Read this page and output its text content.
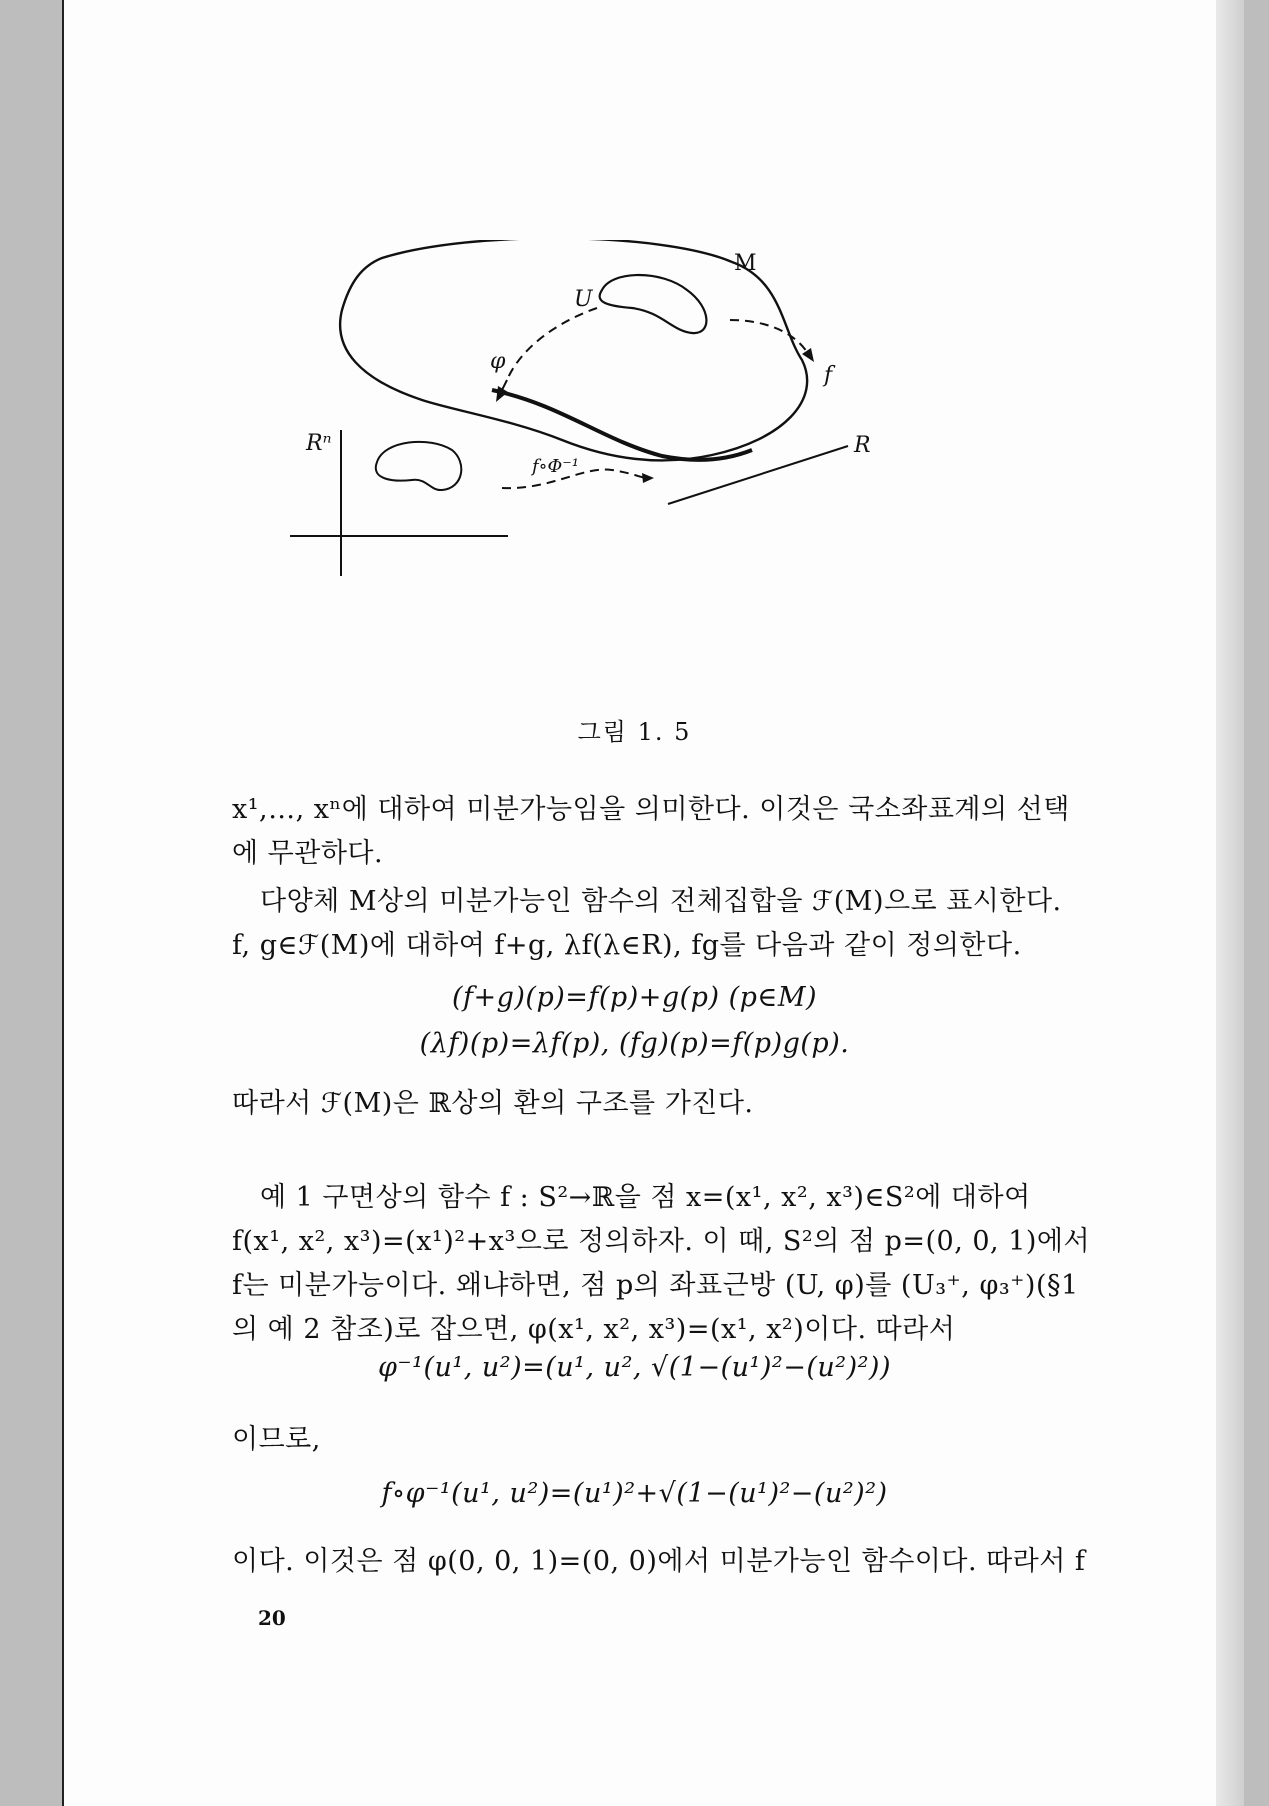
M
U
φ
f
Rⁿ	R
f∘Φ⁻¹
그림 1. 5

x¹,…, xⁿ에 대하여 미분가능임을 의미한다. 이것은 국소좌표계의 선택

에 무관하다.

다양체 M상의 미분가능인 함수의 전체집합을 ℱ(M)으로 표시한다.

f, g∈ℱ(M)에 대하여 f+g, λf(λ∈R), fg를 다음과 같이 정의한다.

(f+g)(p)=f(p)+g(p) (p∈M)
(λf)(p)=λf(p), (fg)(p)=f(p)g(p).

따라서 ℱ(M)은 ℝ상의 환의 구조를 가진다.

예 1 구면상의 함수 f : S²→ℝ을 점 x=(x¹, x², x³)∈S²에 대하여

f(x¹, x², x³)=(x¹)²+x³으로 정의하자. 이 때, S²의 점 p=(0, 0, 1)에서

f는 미분가능이다. 왜냐하면, 점 p의 좌표근방 (U, φ)를 (U₃⁺, φ₃⁺)(§1

의 예 2 참조)로 잡으면, φ(x¹, x², x³)=(x¹, x²)이다. 따라서

φ⁻¹(u¹, u²)=(u¹, u², √(1−(u¹)²−(u²)²))

이므로,

f∘φ⁻¹(u¹, u²)=(u¹)²+√(1−(u¹)²−(u²)²)

이다. 이것은 점 φ(0, 0, 1)=(0, 0)에서 미분가능인 함수이다. 따라서 f

20
